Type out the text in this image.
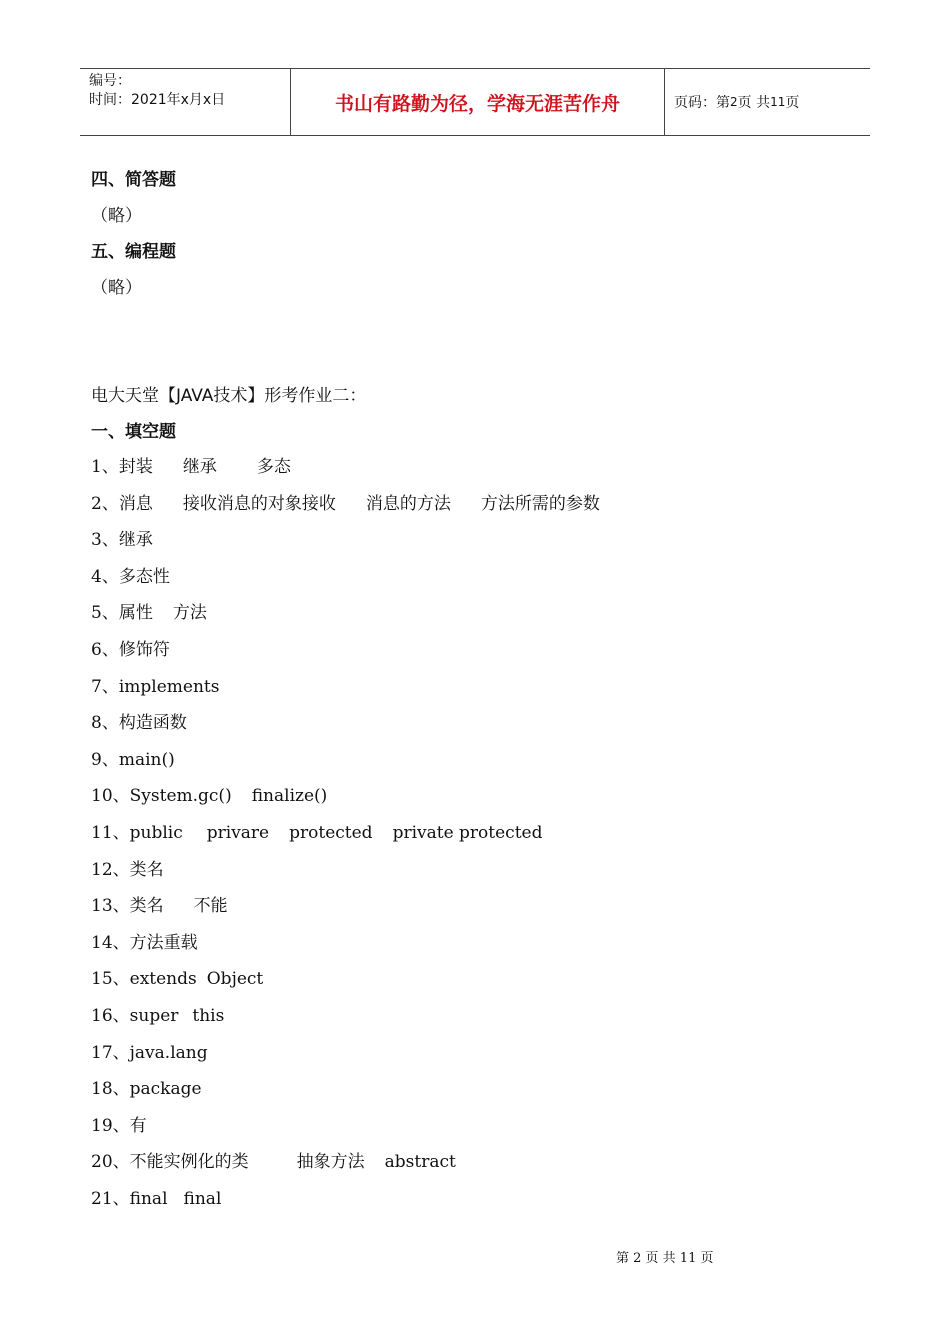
编号：
时间：2021年x月x日	书山有路勤为径，学海无涯苦作舟	页码：第 2 页 共 11 页
四、简答题
（略）
五、编程题
（略）
电大天堂【JAVA技术】形考作业二：
一、填空题
1、封装 继承 多态
2、消息 接收消息的对象接收 消息的方法 方法所需的参数
3、继承
4、多态性
5、属性 方法
6、修饰符
7、implements
8、构造函数
9、main()
10、System.gc() finalize()
11、public privare protected private protected
12、类名
13、类名 不能
14、方法重载
15、extends Object
16、super this
17、java.lang
18、package
19、有
20、不能实例化的类	抽象方法 abstract
21、final final
第 2 页 共 11 页
